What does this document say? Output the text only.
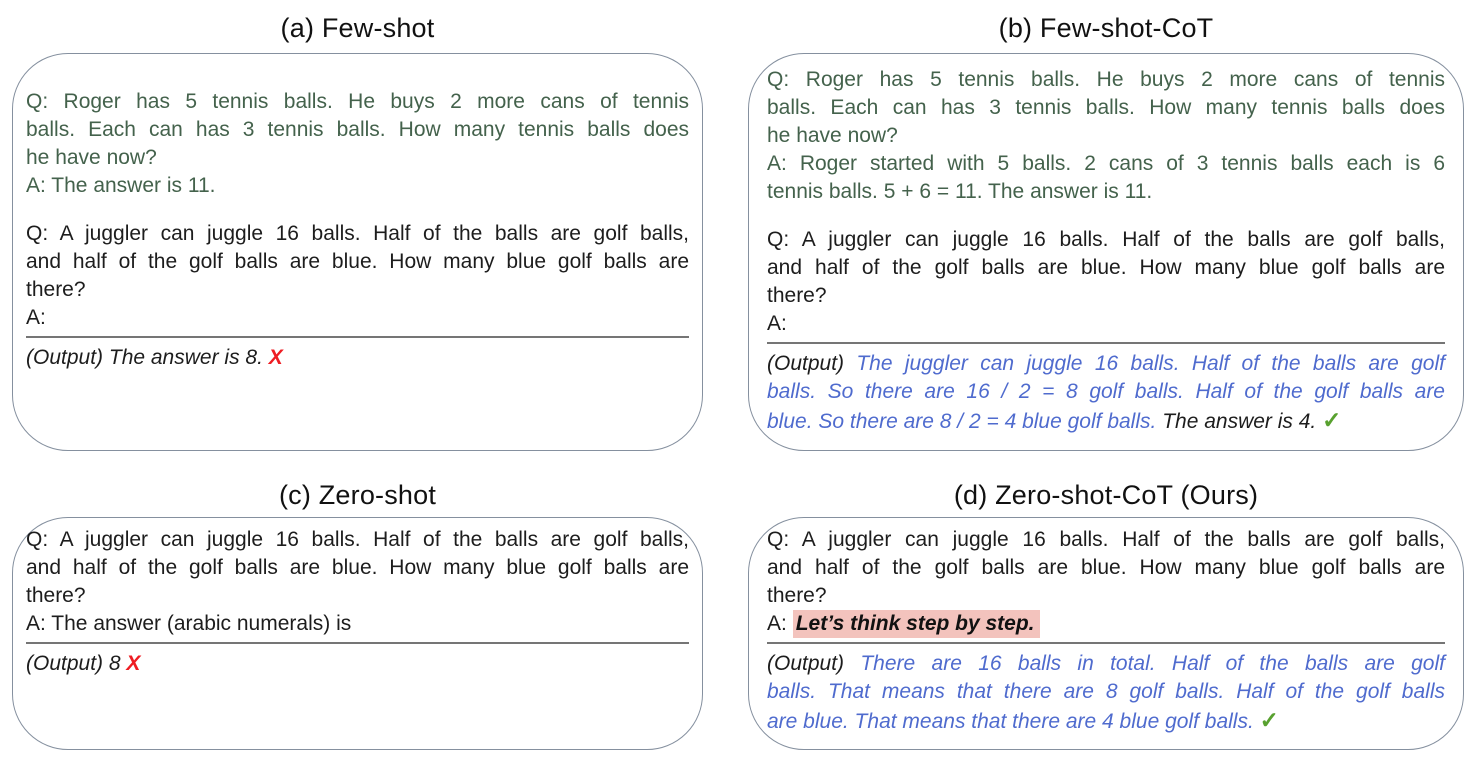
(a) Few-shot
Q: Roger has 5 tennis balls. He buys 2 more cans of tennis
balls. Each can has 3 tennis balls. How many tennis balls does
he have now?
A: The answer is 11.
Q: A juggler can juggle 16 balls. Half of the balls are golf balls,
and half of the golf balls are blue. How many blue golf balls are
there?
A:
(Output) The answer is 8. X
(b) Few-shot-CoT
Q: Roger has 5 tennis balls. He buys 2 more cans of tennis
balls. Each can has 3 tennis balls. How many tennis balls does
he have now?
A: Roger started with 5 balls. 2 cans of 3 tennis balls each is 6
tennis balls. 5 + 6 = 11. The answer is 11.
Q: A juggler can juggle 16 balls. Half of the balls are golf balls,
and half of the golf balls are blue. How many blue golf balls are
there?
A:
(Output) The juggler can juggle 16 balls. Half of the balls are golf
balls. So there are 16 / 2 = 8 golf balls. Half of the golf balls are
blue. So there are 8 / 2 = 4 blue golf balls. The answer is 4. ✓
(c) Zero-shot
Q: A juggler can juggle 16 balls. Half of the balls are golf balls,
and half of the golf balls are blue. How many blue golf balls are
there?
A: The answer (arabic numerals) is
(Output) 8 X
(d) Zero-shot-CoT (Ours)
Q: A juggler can juggle 16 balls. Half of the balls are golf balls,
and half of the golf balls are blue. How many blue golf balls are
there?
A: Let’s think step by step.
(Output) There are 16 balls in total. Half of the balls are golf
balls. That means that there are 8 golf balls. Half of the golf balls
are blue. That means that there are 4 blue golf balls. ✓
